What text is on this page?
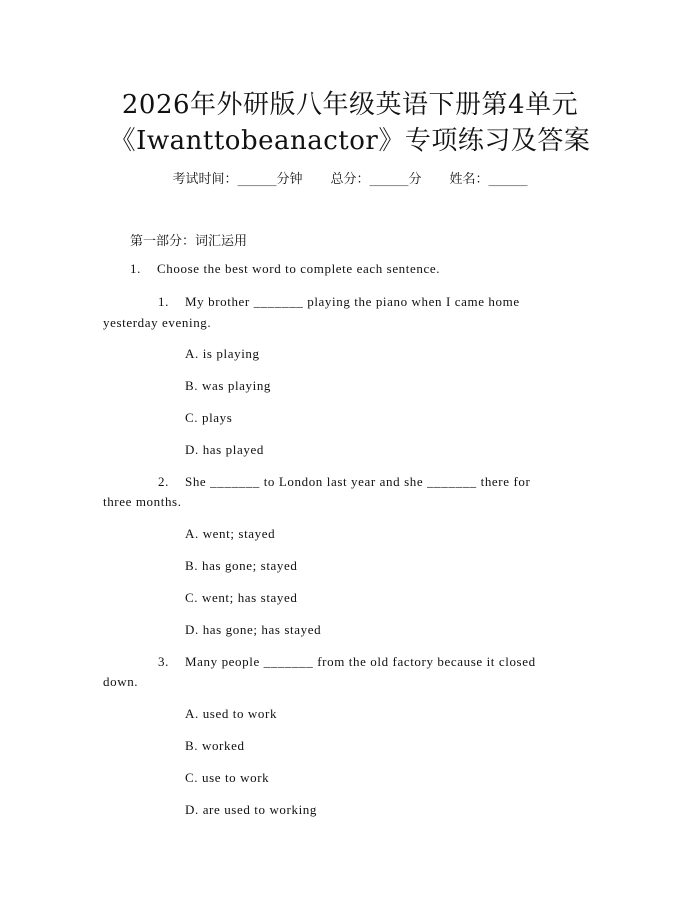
2026年外研版八年级英语下册第4单元
《Iwanttobeanactor》专项练习及答案
考试时间：______分钟 总分：______分 姓名：______
第一部分：词汇运用
1. Choose the best word to complete each sentence.
1. My brother _______ playing the piano when I came home
yesterday evening.
A. is playing
B. was playing
C. plays
D. has played
2. She _______ to London last year and she _______ there for
three months.
A. went; stayed
B. has gone; stayed
C. went; has stayed
D. has gone; has stayed
3. Many people _______ from the old factory because it closed
down.
A. used to work
B. worked
C. use to work
D. are used to working
